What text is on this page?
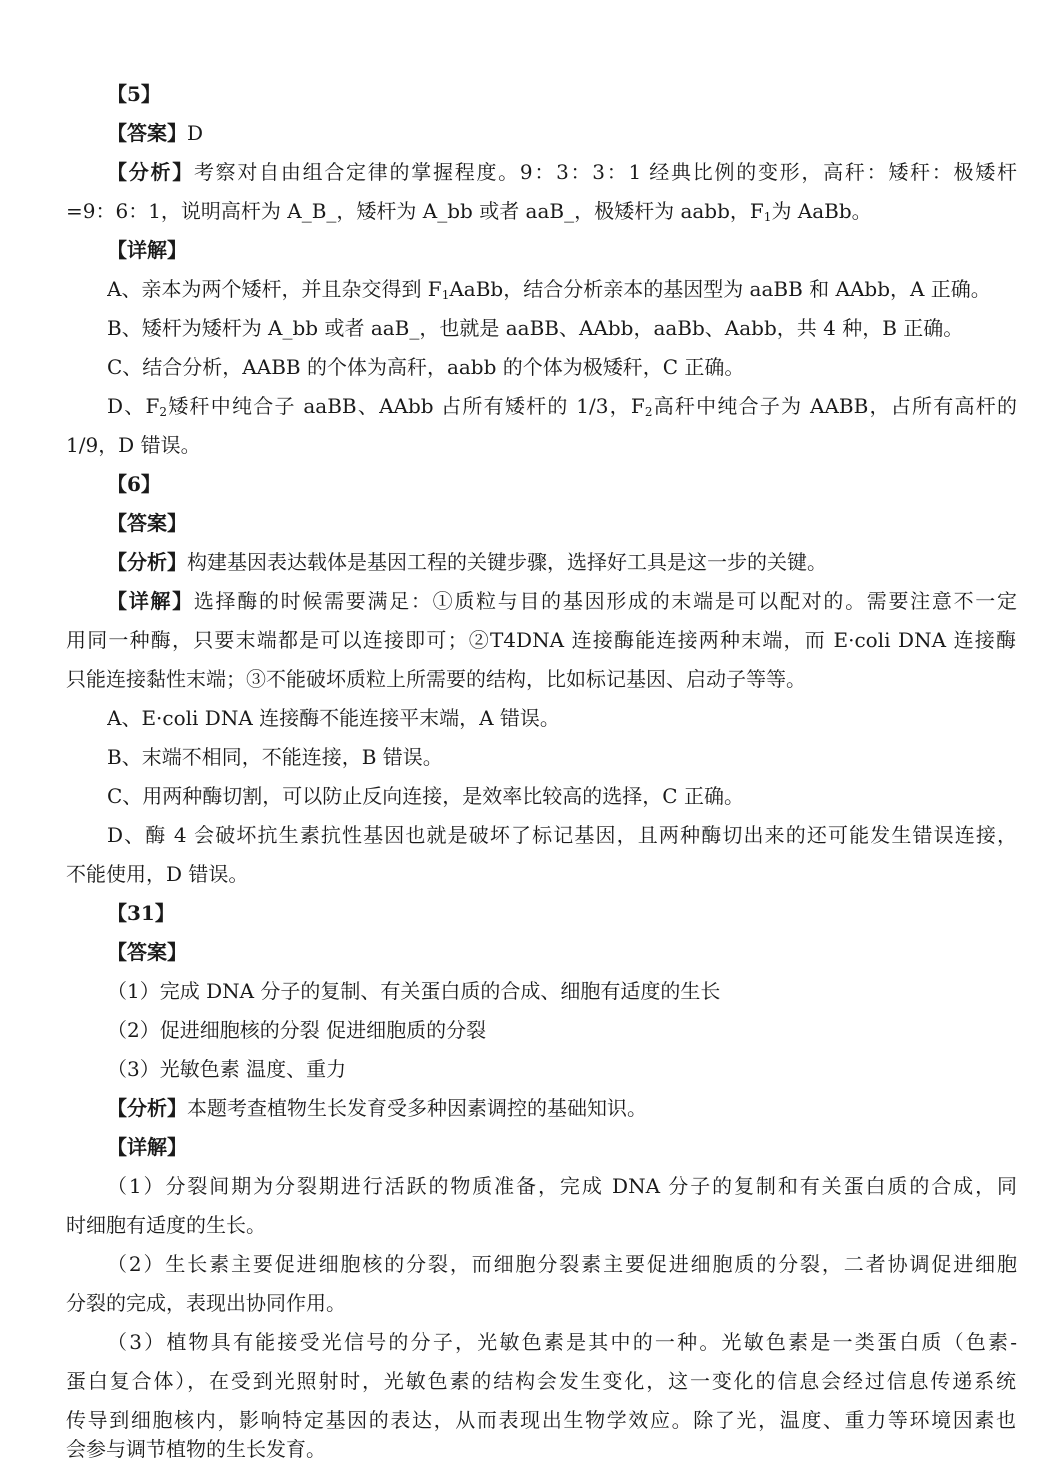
【5】
【答案】D
【分析】考察对自由组合定律的掌握程度。9：3：3：1 经典比例的变形，高秆：矮秆：极矮杆
=9：6：1，说明高杆为 A_B_，矮杆为 A_bb 或者 aaB_，极矮杆为 aabb，$F_1$为 AaBb。
【详解】
A、亲本为两个矮杆，并且杂交得到 $F_1AaBb$，结合分析亲本的基因型为 aaBB 和 AAbb，A 正确。
B、矮杆为矮杆为 A_bb 或者 aaB_，也就是 aaBB、AAbb，aaBb、Aabb，共 4 种，B 正确。
C、结合分析，AABB 的个体为高秆，aabb 的个体为极矮秆，C 正确。
D、$F_2$矮秆中纯合子 aaBB、AAbb 占所有矮杆的 1/3，$F_2$高秆中纯合子为 AABB，占所有高杆的
1/9，D 错误。
【6】
【答案】
【分析】构建基因表达载体是基因工程的关键步骤，选择好工具是这一步的关键。
【详解】选择酶的时候需要满足：①质粒与目的基因形成的末端是可以配对的。需要注意不一定
用同一种酶，只要末端都是可以连接即可；②T4DNA 连接酶能连接两种末端，而 E·coli DNA 连接酶
只能连接黏性末端；③不能破坏质粒上所需要的结构，比如标记基因、启动子等等。
A、E·coli DNA 连接酶不能连接平末端，A 错误。
B、末端不相同，不能连接，B 错误。
C、用两种酶切割，可以防止反向连接，是效率比较高的选择，C 正确。
D、酶 4 会破坏抗生素抗性基因也就是破坏了标记基因，且两种酶切出来的还可能发生错误连接，
不能使用，D 错误。
【31】
【答案】
（1）完成 DNA 分子的复制、有关蛋白质的合成、细胞有适度的生长
（2）促进细胞核的分裂 促进细胞质的分裂
（3）光敏色素 温度、重力
【分析】本题考查植物生长发育受多种因素调控的基础知识。
【详解】
（1）分裂间期为分裂期进行活跃的物质准备，完成 DNA 分子的复制和有关蛋白质的合成，同
时细胞有适度的生长。
（2）生长素主要促进细胞核的分裂，而细胞分裂素主要促进细胞质的分裂，二者协调促进细胞
分裂的完成，表现出协同作用。
（3）植物具有能接受光信号的分子，光敏色素是其中的一种。光敏色素是一类蛋白质（色素-
蛋白复合体），在受到光照射时，光敏色素的结构会发生变化，这一变化的信息会经过信息传递系统
传导到细胞核内，影响特定基因的表达，从而表现出生物学效应。除了光，温度、重力等环境因素也
会参与调节植物的生长发育。
